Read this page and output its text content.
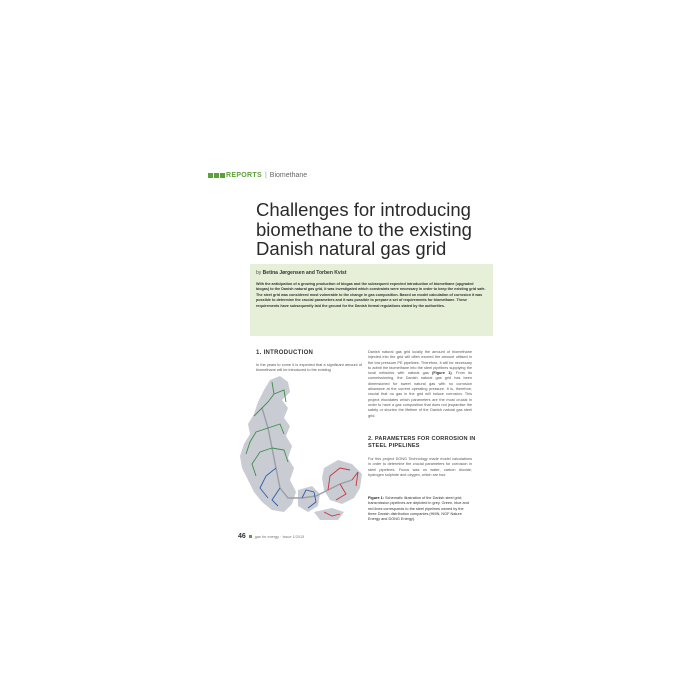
REPORTS | Biomethane
Challenges for introducing biomethane to the existing Danish natural gas grid
by Betina Jørgensen and Torben Kvist

With the anticipation of a growing production of biogas and the subsequent expected introduction of biomethane (upgraded biogas) to the Danish natural gas grid, it was investigated which constraints were necessary in order to keep the existing grid safe. The steel grid was considered most vulnerable to the change in gas composition. Based on model calculation of corrosion it was possible to determine the crucial parameters and it was possible to prepare a set of requirements for biomethane. These requirements have subsequently laid the ground for the Danish formal regulations stated by the authorities.

1. INTRODUCTION

In the years to come it is expected that a significant amount of biomethane will be introduced to the existing

Danish natural gas grid locally the amount of biomethane injected into the grid will often exceed the amount utilised in the low pressure PE pipelines. Therefore, it will be necessary to admit the biomethane into the steel pipelines supplying the local networks with natural gas (Figure 1). From its commissioning, the Danish natural gas grid has been dimensioned for sweet natural gas with no corrosion allowance at the current operating pressure. It is, therefore, crucial that no gas in the grid will induce corrosion. This project elucidates which parameters are the most crucial in order to have a gas composition that does not jeopardise the safety or shorten the lifetime of the Danish natural gas steel grid.

2. PARAMETERS FOR CORROSION IN STEEL PIPELINES

For this project DONG Technology made model calculations in order to determine the crucial parameters for corrosion in steel pipelines. Focus was on water, carbon dioxide, hydrogen sulphide and oxygen, which are four

Figure 1: Schematic illustration of the Danish steel grid; transmission pipelines are depicted in grey. Green, blue and red lines corresponds to the steel pipelines owned by the three Danish distribution companies (HMN, NGF Nature Energy and DONG Energy).

46 gas for energy · Issue 1/2015
